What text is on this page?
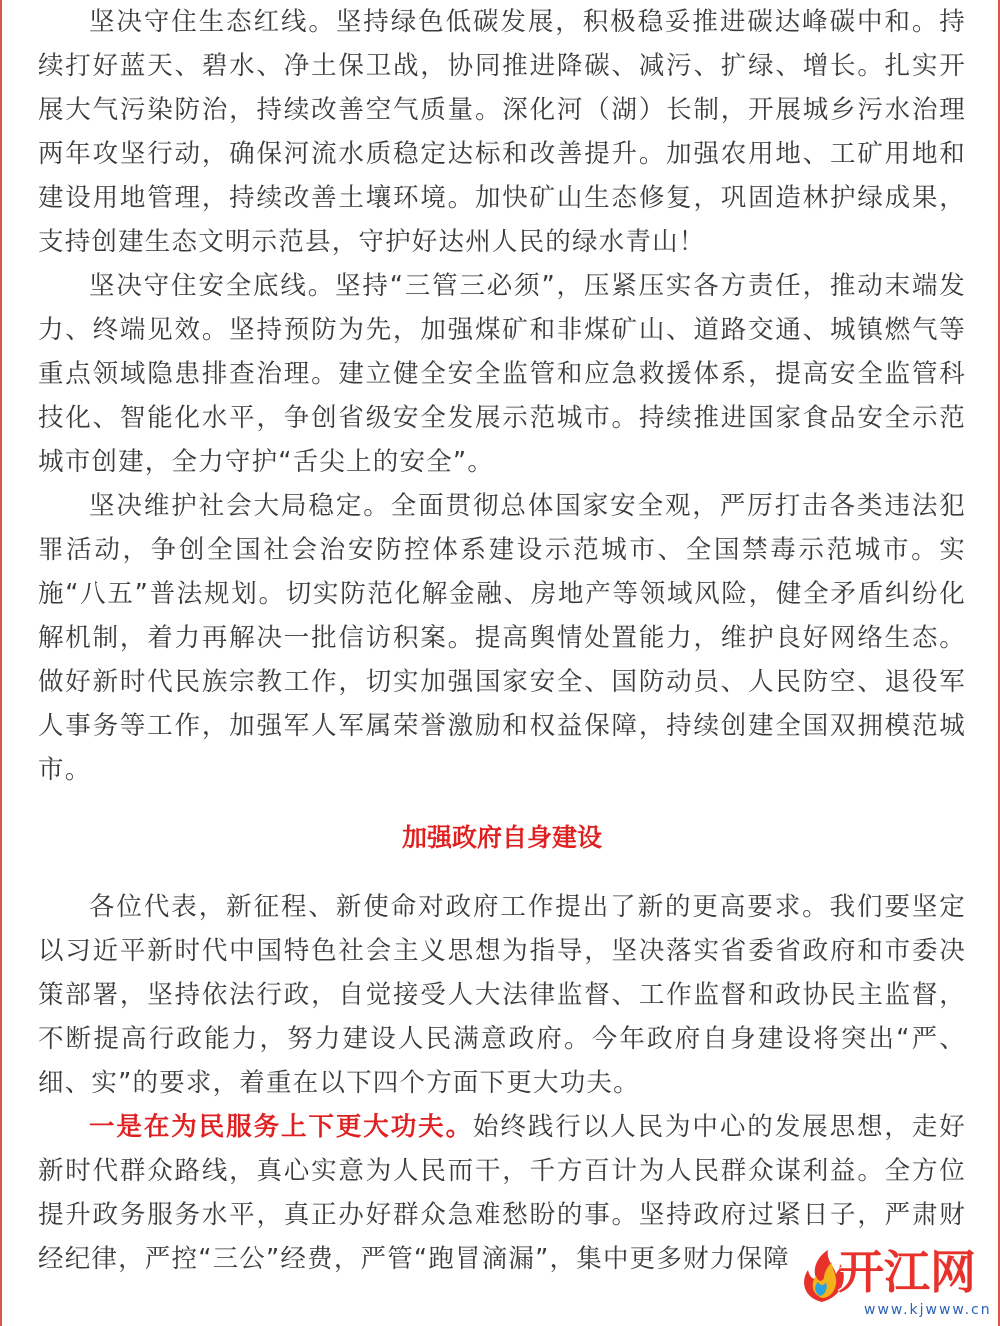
坚决守住生态红线。坚持绿色低碳发展，积极稳妥推进碳达峰碳中和。持续打好蓝天、碧水、净土保卫战，协同推进降碳、减污、扩绿、增长。扎实开展大气污染防治，持续改善空气质量。深化河（湖）长制，开展城乡污水治理两年攻坚行动，确保河流水质稳定达标和改善提升。加强农用地、工矿用地和建设用地管理，持续改善土壤环境。加快矿山生态修复，巩固造林护绿成果，支持创建生态文明示范县，守护好达州人民的绿水青山！

坚决守住安全底线。坚持“三管三必须”，压紧压实各方责任，推动末端发力、终端见效。坚持预防为先，加强煤矿和非煤矿山、道路交通、城镇燃气等重点领域隐患排查治理。建立健全安全监管和应急救援体系，提高安全监管科技化、智能化水平，争创省级安全发展示范城市。持续推进国家食品安全示范城市创建，全力守护“舌尖上的安全”。

坚决维护社会大局稳定。全面贯彻总体国家安全观，严厉打击各类违法犯罪活动，争创全国社会治安防控体系建设示范城市、全国禁毒示范城市。实施“八五”普法规划。切实防范化解金融、房地产等领域风险，健全矛盾纠纷化解机制，着力再解决一批信访积案。提高舆情处置能力，维护良好网络生态。做好新时代民族宗教工作，切实加强国家安全、国防动员、人民防空、退役军人事务等工作，加强军人军属荣誉激励和权益保障，持续创建全国双拥模范城市。

加强政府自身建设

各位代表，新征程、新使命对政府工作提出了新的更高要求。我们要坚定以习近平新时代中国特色社会主义思想为指导，坚决落实省委省政府和市委决策部署，坚持依法行政，自觉接受人大法律监督、工作监督和政协民主监督，不断提高行政能力，努力建设人民满意政府。今年政府自身建设将突出“严、细、实”的要求，着重在以下四个方面下更大功夫。

一是在为民服务上下更大功夫。始终践行以人民为中心的发展思想，走好新时代群众路线，真心实意为人民而干，千方百计为人民群众谋利益。全方位提升政务服务水平，真正办好群众急难愁盼的事。坚持政府过紧日子，严肃财经纪律，严控“三公”经费，严管“跑冒滴漏”，集中更多财力保障	开江网
www.kjwww.cn
